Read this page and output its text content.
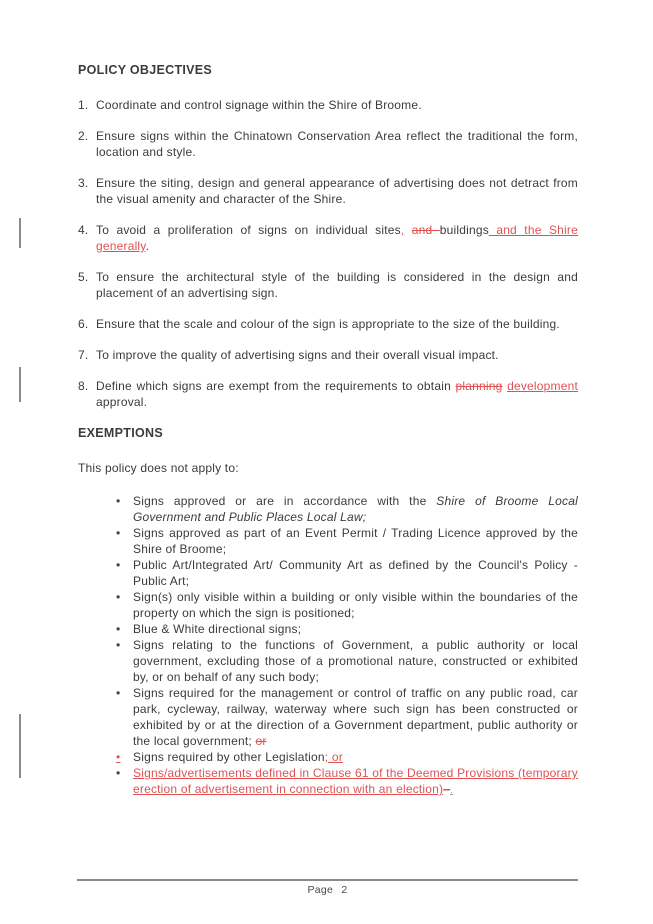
POLICY OBJECTIVES
1. Coordinate and control signage within the Shire of Broome.
2. Ensure signs within the Chinatown Conservation Area reflect the traditional the form, location and style.
3. Ensure the siting, design and general appearance of advertising does not detract from the visual amenity and character of the Shire.
4. To avoid a proliferation of signs on individual sites, and buildings and the Shire generally.
5. To ensure the architectural style of the building is considered in the design and placement of an advertising sign.
6. Ensure that the scale and colour of the sign is appropriate to the size of the building.
7. To improve the quality of advertising signs and their overall visual impact.
8. Define which signs are exempt from the requirements to obtain planning development approval.
EXEMPTIONS

This policy does not apply to:

•	Signs approved or are in accordance with the Shire of Broome Local Government and Public Places Local Law;
•	Signs approved as part of an Event Permit / Trading Licence approved by the Shire of Broome;
•	Public Art/Integrated Art/ Community Art as defined by the Council's Policy - Public Art;
•	Sign(s) only visible within a building or only visible within the boundaries of the property on which the sign is positioned;
•	Blue & White directional signs;
•	Signs relating to the functions of Government, a public authority or local government, excluding those of a promotional nature, constructed or exhibited by, or on behalf of any such body;
•	Signs required for the management or control of traffic on any public road, car park, cycleway, railway, waterway where such sign has been constructed or exhibited by or at the direction of a Government department, public authority or the local government; or
•	Signs required by other Legislation; or
•	Signs/advertisements defined in Clause 61 of the Deemed Provisions (temporary erection of advertisement in connection with an election)–.
Page 2
